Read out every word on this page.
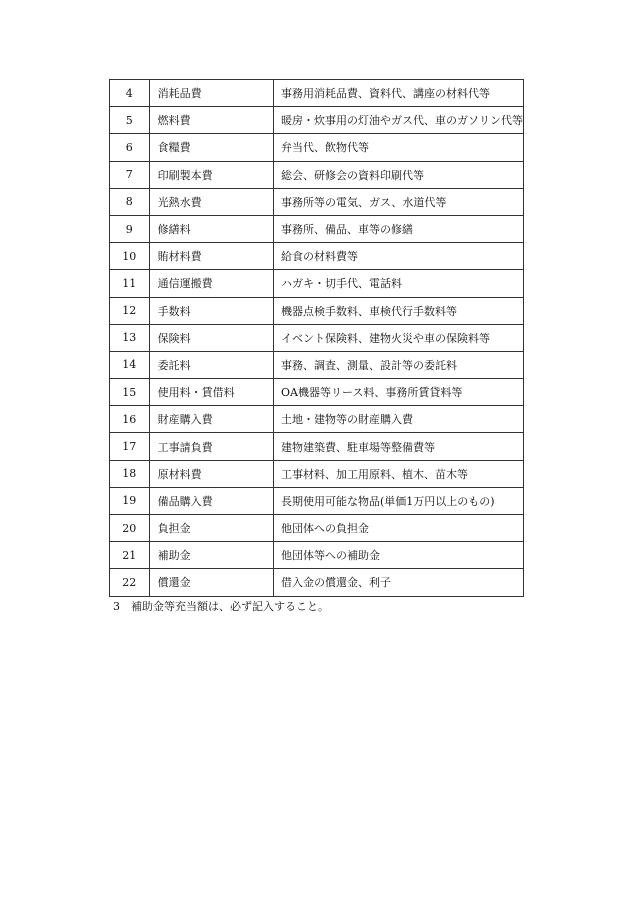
4	消耗品費	事務用消耗品費、資料代、講座の材料代等
5	燃料費	暖房・炊事用の灯油やガス代、車のガソリン代等
6	食糧費	弁当代、飲物代等
7	印刷製本費	総会、研修会の資料印刷代等
8	光熱水費	事務所等の電気、ガス、水道代等
9	修繕料	事務所、備品、車等の修繕
10	賄材料費	給食の材料費等
11	通信運搬費	ハガキ・切手代、電話料
12	手数料	機器点検手数料、車検代行手数料等
13	保険料	イベント保険料、建物火災や車の保険料等
14	委託料	事務、調査、測量、設計等の委託料
15	使用料・賃借料	OA機器等リース料、事務所賃貸料等
16	財産購入費	土地・建物等の財産購入費
17	工事請負費	建物建築費、駐車場等整備費等
18	原材料費	工事材料、加工用原料、植木、苗木等
19	備品購入費	長期使用可能な物品(単価1万円以上のもの)
20	負担金	他団体への負担金
21	補助金	他団体等への補助金
22	償還金	借入金の償還金、利子
3　補助金等充当額は、必ず記入すること。
